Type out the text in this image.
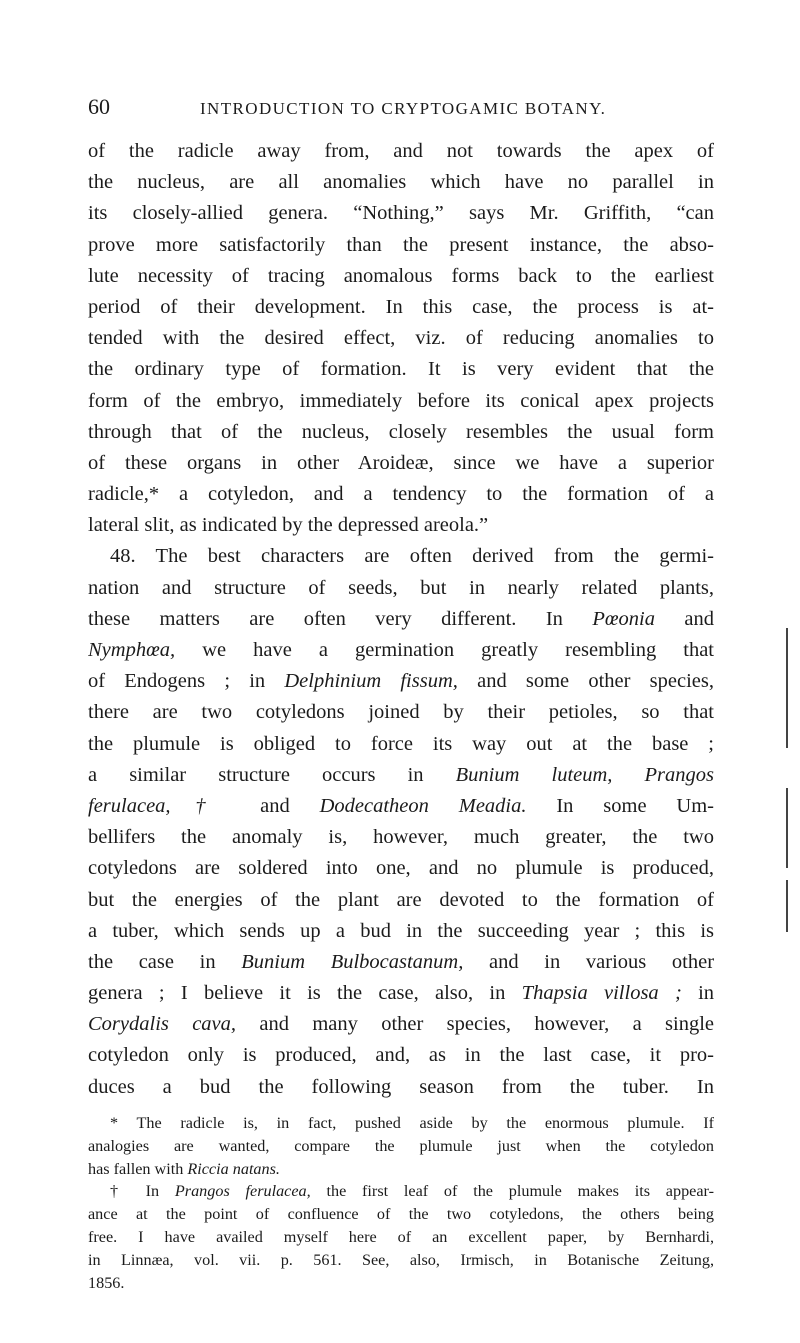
60	INTRODUCTION TO CRYPTOGAMIC BOTANY.
of the radicle away from, and not towards the apex of
the nucleus, are all anomalies which have no parallel in
its closely-allied genera. “Nothing,” says Mr. Griffith, “can
prove more satisfactorily than the present instance, the abso-
lute necessity of tracing anomalous forms back to the earliest
period of their development. In this case, the process is at-
tended with the desired effect, viz. of reducing anomalies to
the ordinary type of formation. It is very evident that the
form of the embryo, immediately before its conical apex projects
through that of the nucleus, closely resembles the usual form
of these organs in other Aroideæ, since we have a superior
radicle,* a cotyledon, and a tendency to the formation of a
lateral slit, as indicated by the depressed areola.”
48. The best characters are often derived from the germi-
nation and structure of seeds, but in nearly related plants,
these matters are often very different. In Pœonia and
Nymphœa, we have a germination greatly resembling that
of Endogens ; in Delphinium fissum, and some other species,
there are two cotyledons joined by their petioles, so that
the plumule is obliged to force its way out at the base ;
a similar structure occurs in Bunium luteum, Prangos
ferulacea,† and Dodecatheon Meadia. In some Um-
bellifers the anomaly is, however, much greater, the two
cotyledons are soldered into one, and no plumule is produced,
but the energies of the plant are devoted to the formation of
a tuber, which sends up a bud in the succeeding year ; this is
the case in Bunium Bulbocastanum, and in various other
genera ; I believe it is the case, also, in Thapsia villosa ; in
Corydalis cava, and many other species, however, a single
cotyledon only is produced, and, as in the last case, it pro-
duces a bud the following season from the tuber. In
* The radicle is, in fact, pushed aside by the enormous plumule. If
analogies are wanted, compare the plumule just when the cotyledon
has fallen with Riccia natans.
† In Prangos ferulacea, the first leaf of the plumule makes its appear-
ance at the point of confluence of the two cotyledons, the others being
free. I have availed myself here of an excellent paper, by Bernhardi,
in Linnæa, vol. vii. p. 561. See, also, Irmisch, in Botanische Zeitung,
1856.
